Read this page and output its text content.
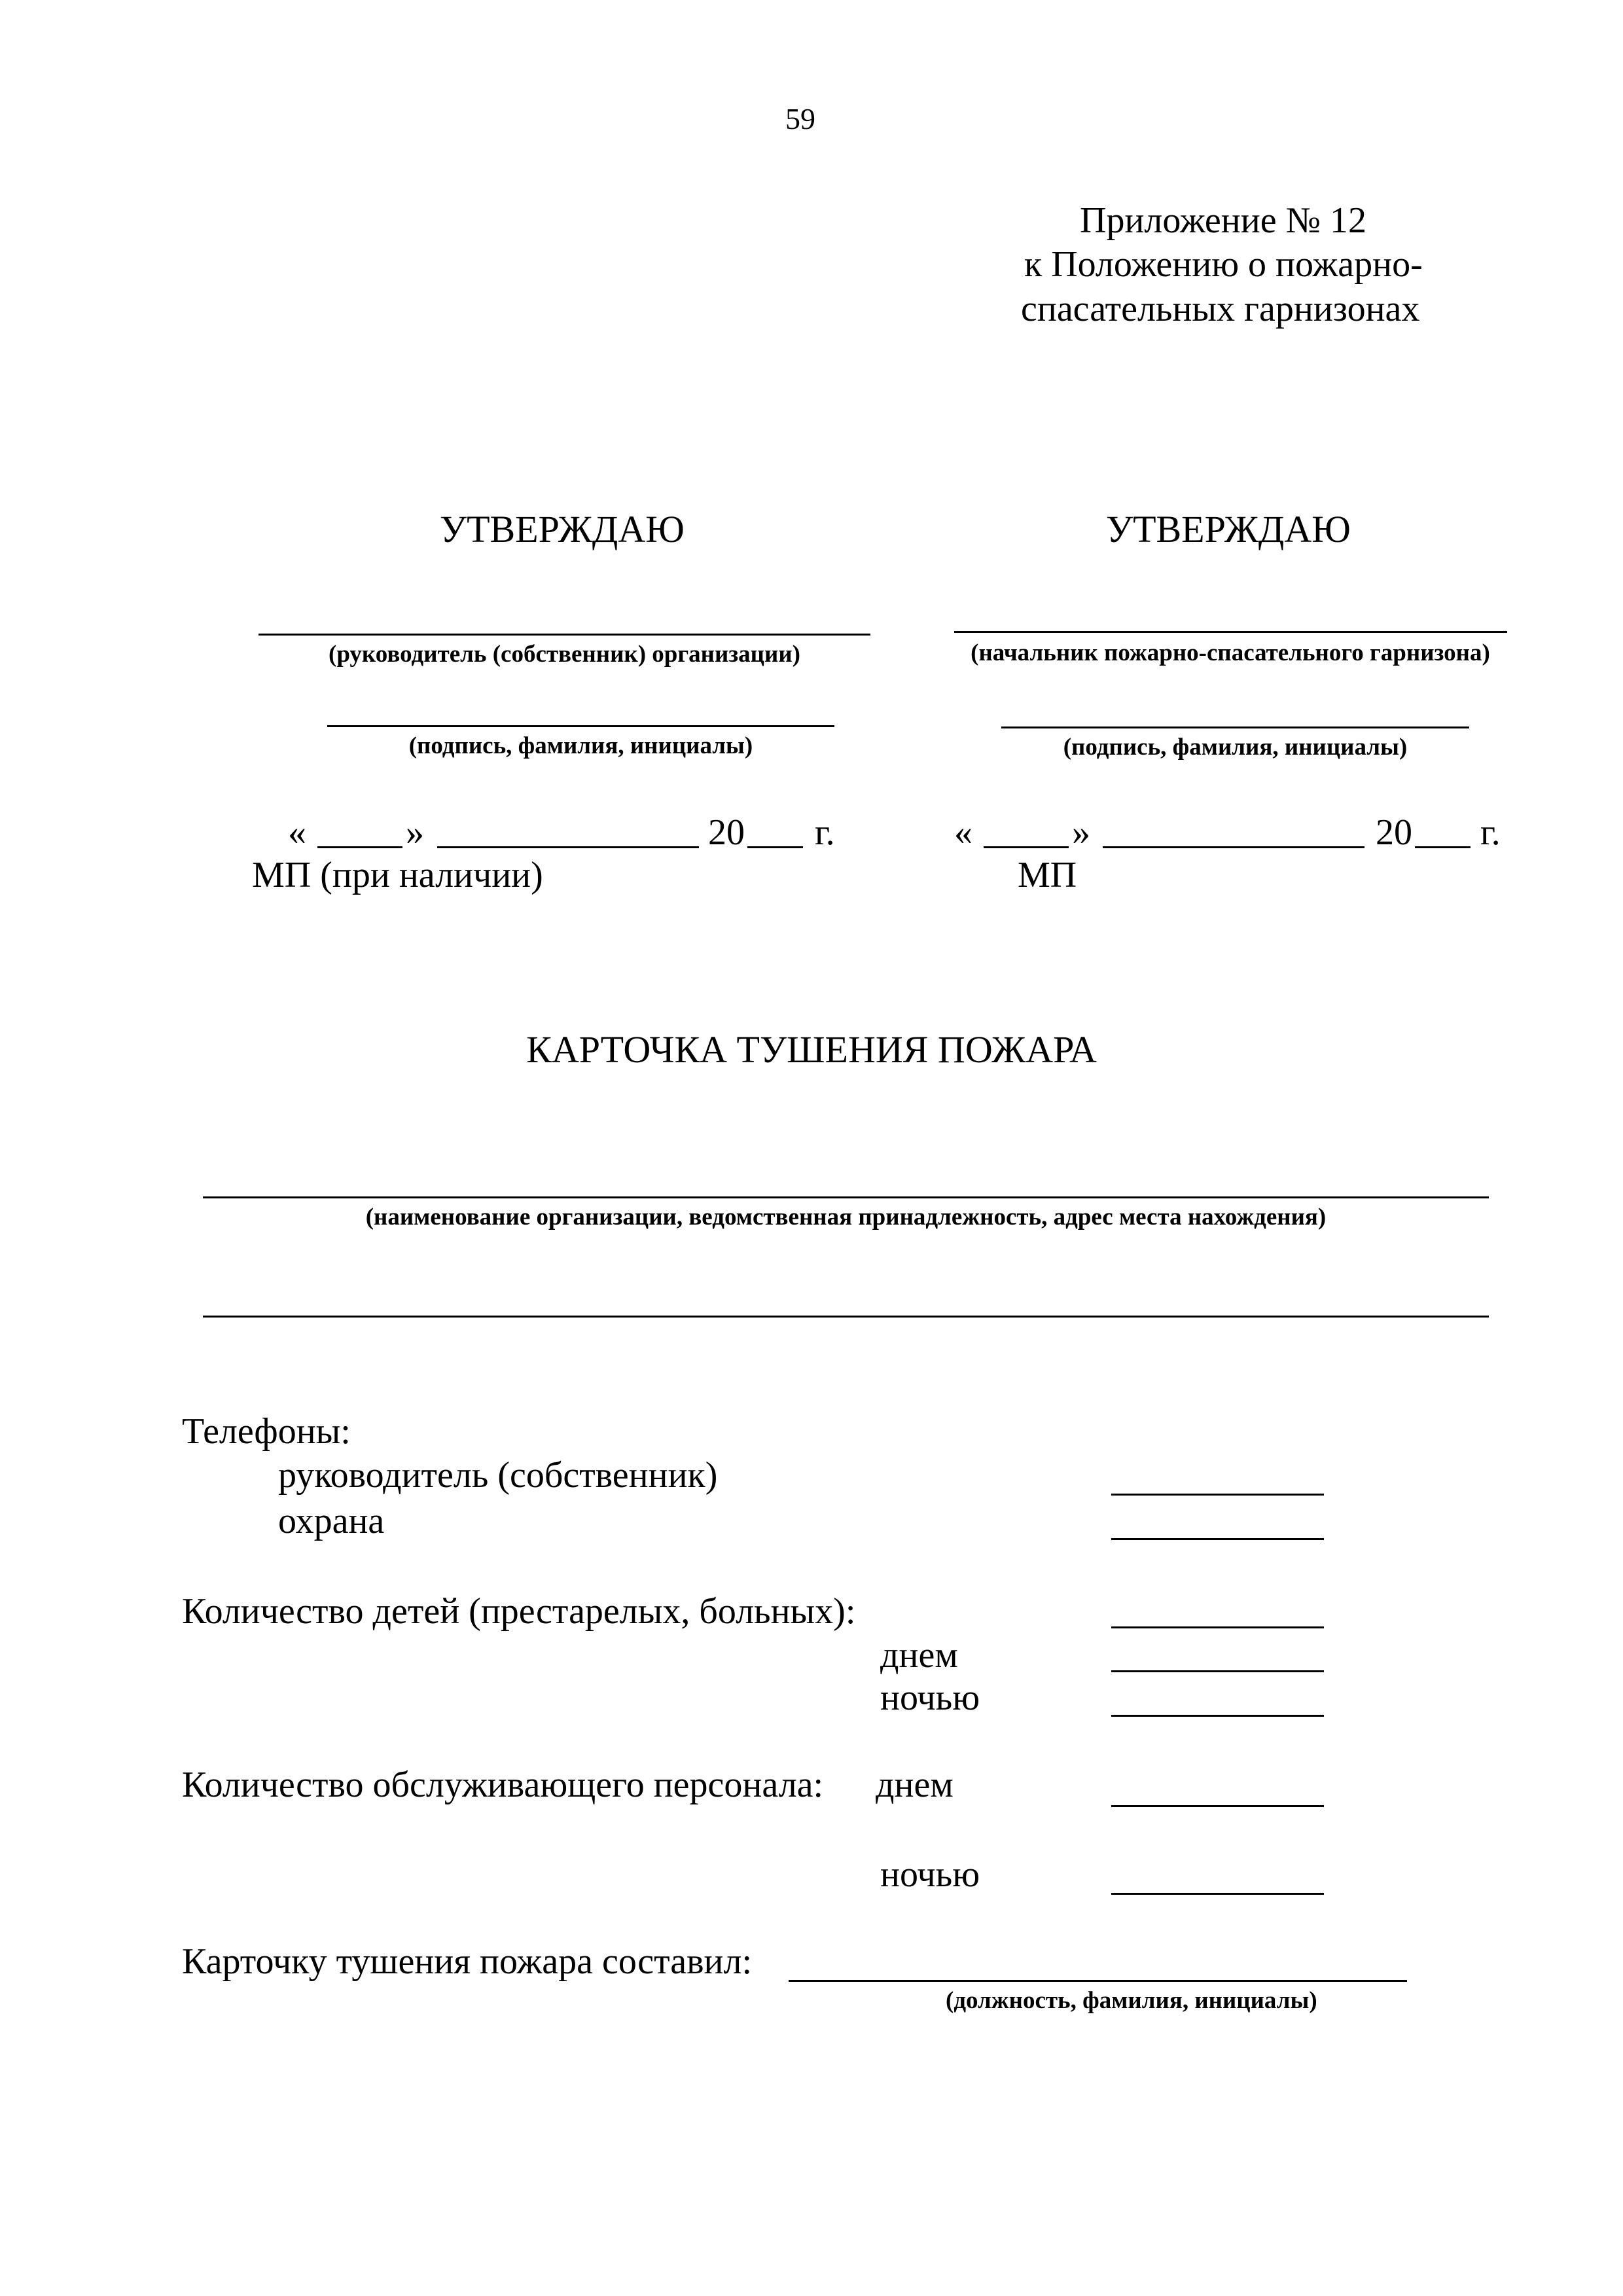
59
Приложение № 12
к Положению о пожарно-
спасательных гарнизонах
УТВЕРЖДАЮ
(руководитель (собственник) организации)
(подпись, фамилия, инициалы)
«	»	20 г.
МП (при наличии)
УТВЕРЖДАЮ
(начальник пожарно-спасательного гарнизона)
(подпись, фамилия, инициалы)
«	»	20 г.
МП
КАРТОЧКА ТУШЕНИЯ ПОЖАРА
(наименование организации, ведомственная принадлежность, адрес места нахождения)
Телефоны:
руководитель (собственник)
охрана
Количество детей (престарелых, больных):
днем
ночью
Количество обслуживающего персонала: днем
ночью
Карточку тушения пожара составил:
(должность, фамилия, инициалы)
